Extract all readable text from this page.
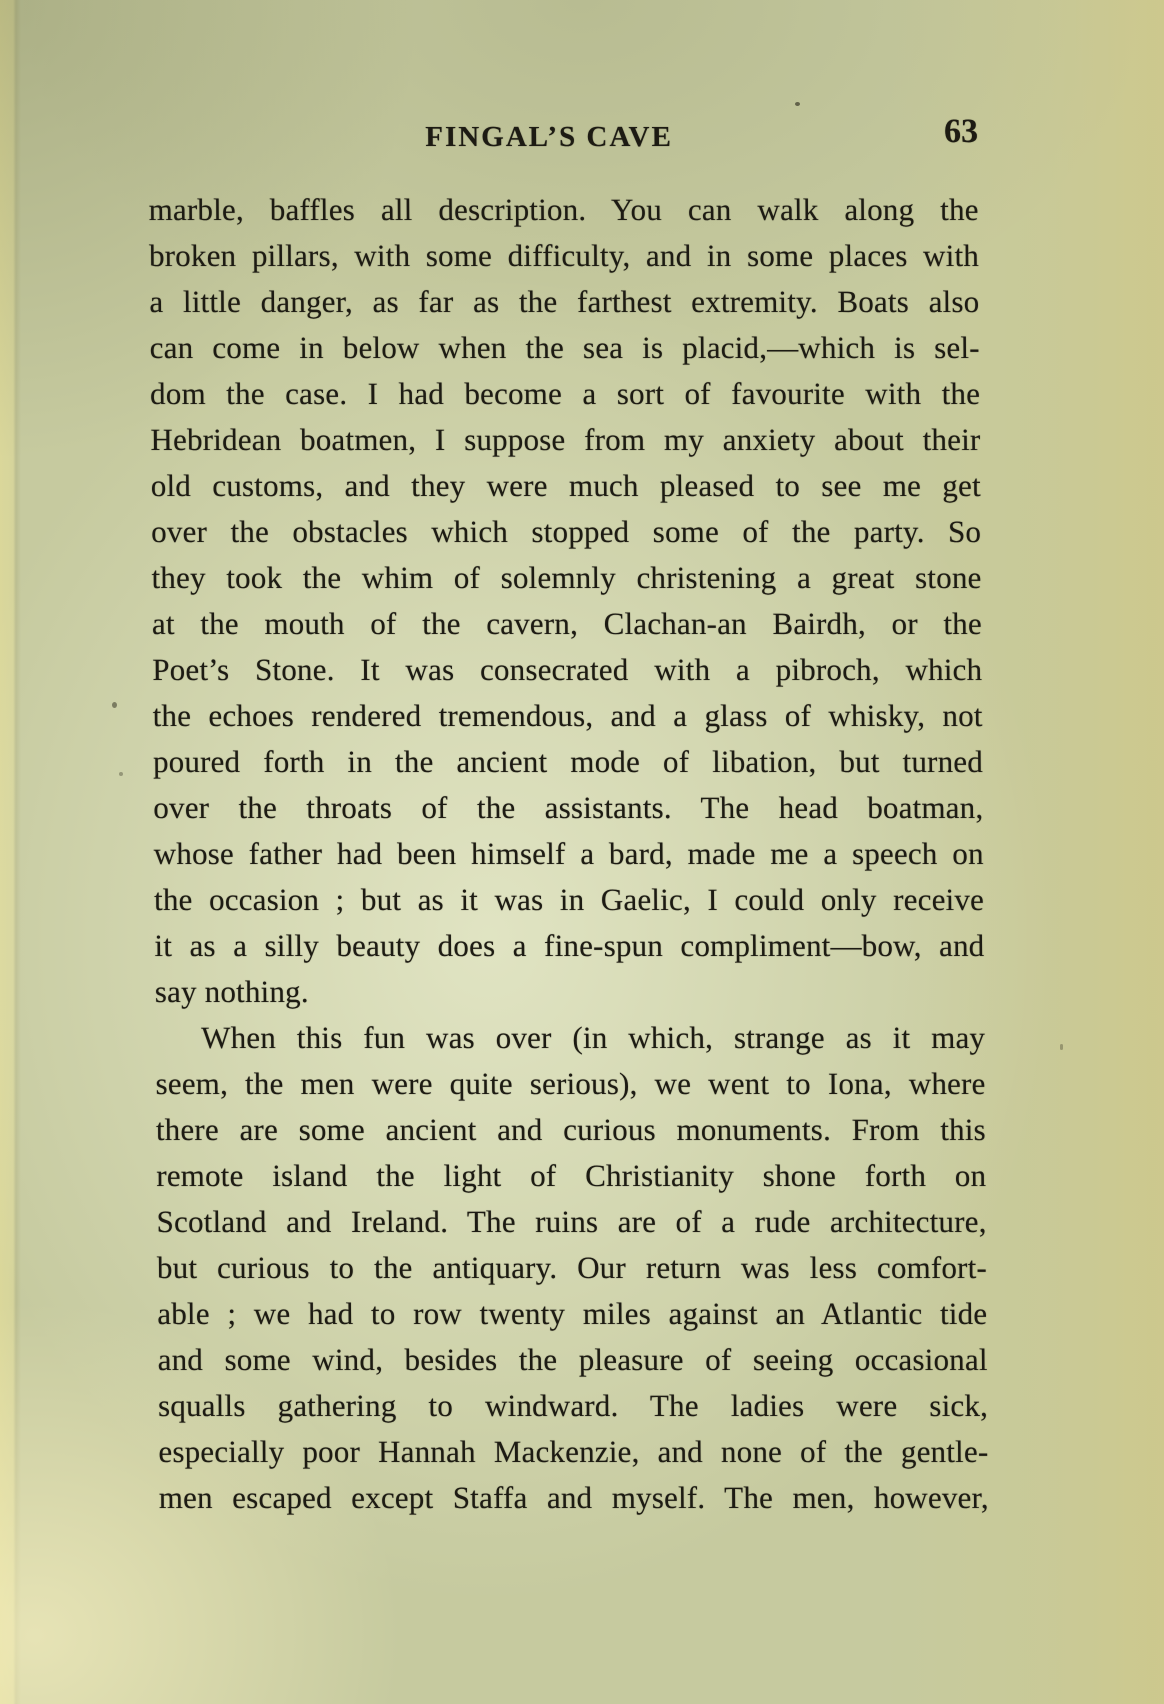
FINGAL’S CAVE	63
marble, baffles all description. You can walk along the
broken pillars, with some difficulty, and in some places with
a little danger, as far as the farthest extremity. Boats also
can come in below when the sea is placid,—which is sel-
dom the case. I had become a sort of favourite with the
Hebridean boatmen, I suppose from my anxiety about their
old customs, and they were much pleased to see me get
over the obstacles which stopped some of the party. So
they took the whim of solemnly christening a great stone
at the mouth of the cavern, Clachan-an Bairdh, or the
Poet’s Stone. It was consecrated with a pibroch, which
the echoes rendered tremendous, and a glass of whisky, not
poured forth in the ancient mode of libation, but turned
over the throats of the assistants. The head boatman,
whose father had been himself a bard, made me a speech on
the occasion ; but as it was in Gaelic, I could only receive
it as a silly beauty does a fine-spun compliment—bow, and
say nothing.
When this fun was over (in which, strange as it may
seem, the men were quite serious), we went to Iona, where
there are some ancient and curious monuments. From this
remote island the light of Christianity shone forth on
Scotland and Ireland. The ruins are of a rude architecture,
but curious to the antiquary. Our return was less comfort-
able ; we had to row twenty miles against an Atlantic tide
and some wind, besides the pleasure of seeing occasional
squalls gathering to windward. The ladies were sick,
especially poor Hannah Mackenzie, and none of the gentle-
men escaped except Staffa and myself. The men, however,
